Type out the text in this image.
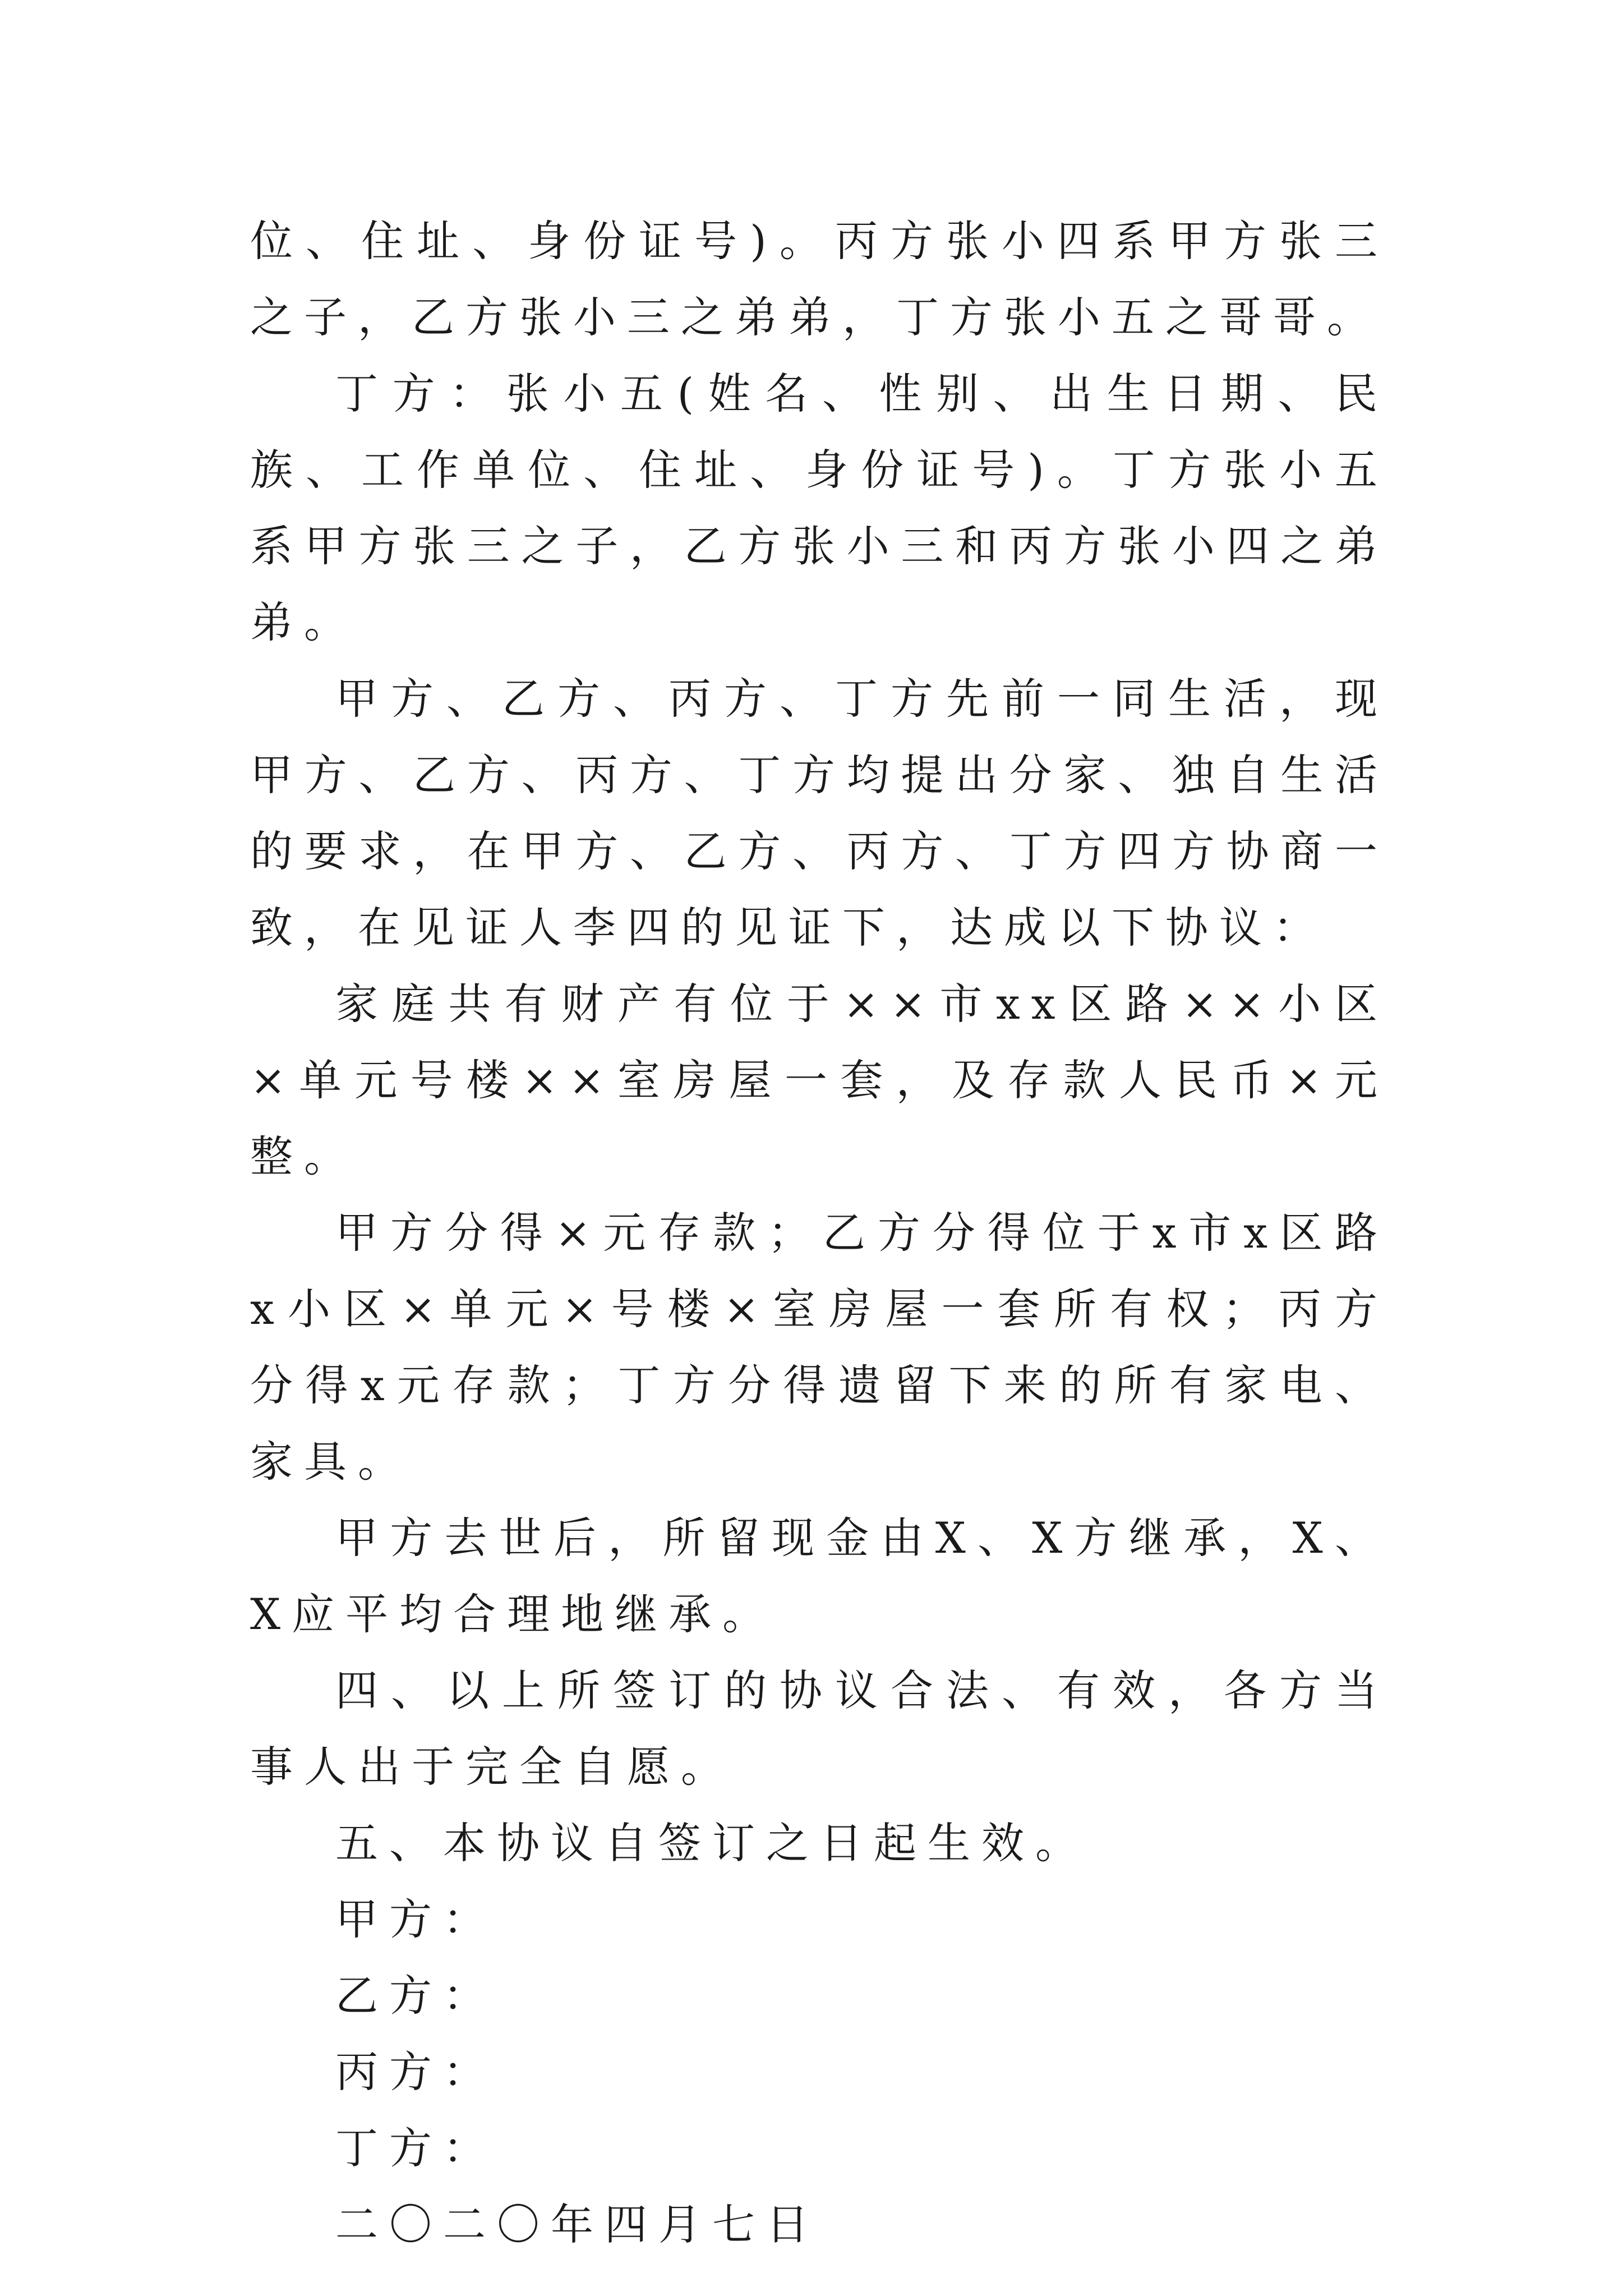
位、住址、身份证号)。丙方张小四系甲方张三之子，乙方张小三之弟弟，丁方张小五之哥哥。

丁方：张小五(姓名、性别、出生日期、民族、工作单位、住址、身份证号)。丁方张小五系甲方张三之子，乙方张小三和丙方张小四之弟弟。

甲方、乙方、丙方、丁方先前一同生活，现甲方、乙方、丙方、丁方均提出分家、独自生活的要求，在甲方、乙方、丙方、丁方四方协商一致，在见证人李四的见证下，达成以下协议：

家庭共有财产有位于××市xx区路××小区×单元号楼××室房屋一套，及存款人民币×元整。

甲方分得×元存款；乙方分得位于x市x区路x小区×单元×号楼×室房屋一套所有权；丙方分得x元存款；丁方分得遗留下来的所有家电、家具。

甲方去世后，所留现金由X、X方继承，X、X应平均合理地继承。

四、以上所签订的协议合法、有效，各方当事人出于完全自愿。

五、本协议自签订之日起生效。

甲方：

乙方：

丙方：

丁方：

二〇二〇年四月七日
